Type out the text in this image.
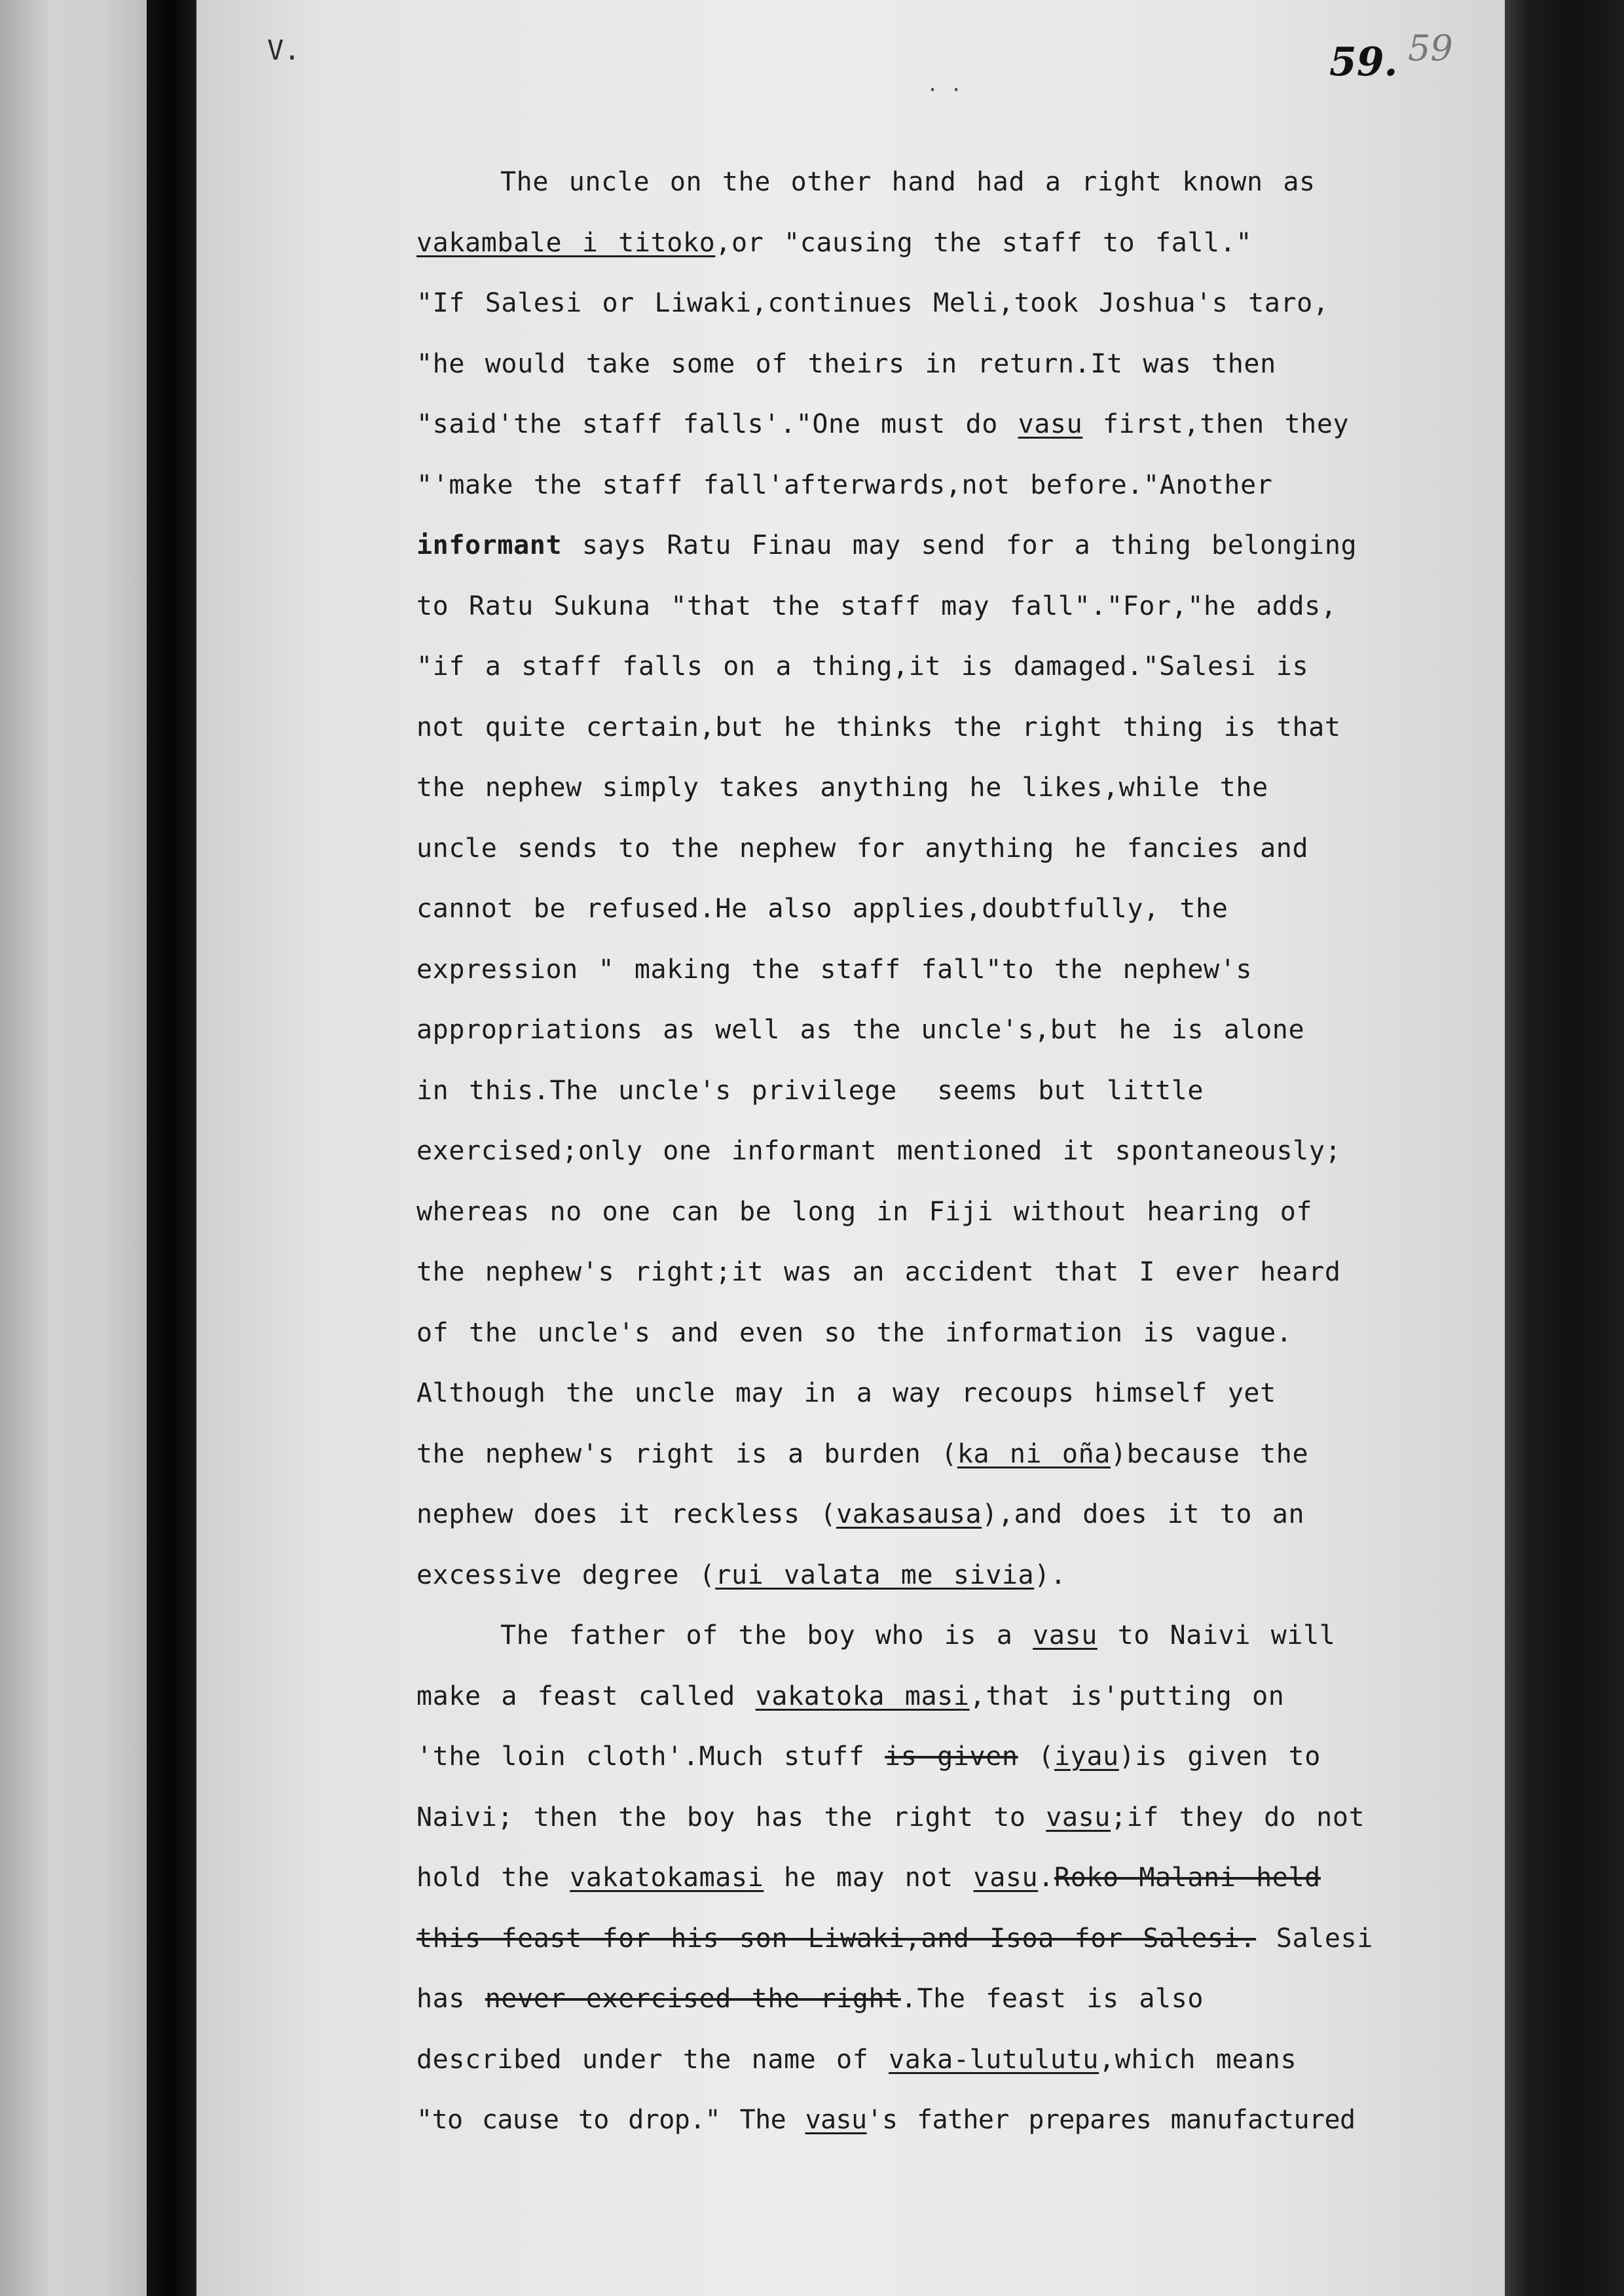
V.
. .	59. 59
The uncle on the other hand had a right known as
vakambale i titoko,or "causing the staff to fall."
"If Salesi or Liwaki,continues Meli,took Joshua's taro,
"he would take some of theirs in return.It was then
"said'the staff falls'."One must do vasu first,then they
"'make the staff fall'afterwards,not before."Another
informant says Ratu Finau may send for a thing belonging
to Ratu Sukuna "that the staff may fall"."For,"he adds,
"if a staff falls on a thing,it is damaged."Salesi is
not quite certain,but he thinks the right thing is that
the nephew simply takes anything he likes,while the
uncle sends to the nephew for anything he fancies and
cannot be refused.He also applies,doubtfully, the
expression " making the staff fall"to the nephew's
appropriations as well as the uncle's,but he is alone
in this.The uncle's privilege  seems but little
exercised;only one informant mentioned it spontaneously;
whereas no one can be long in Fiji without hearing of
the nephew's right;it was an accident that I ever heard
of the uncle's and even so the information is vague.
Although the uncle may in a way recoups himself yet
the nephew's right is a burden (ka ni oña)because the
nephew does it reckless (vakasausa),and does it to an
excessive degree (rui valata me sivia).
The father of the boy who is a vasu to Naivi will
make a feast called vakatoka masi,that is'putting on
'the loin cloth'.Much stuff is given (iyau)is given to
Naivi; then the boy has the right to vasu;if they do not
hold the vakatokamasi he may not vasu.Roko Malani held
this feast for his son Liwaki,and Isoa for Salesi. Salesi
has never exercised the right.The feast is also
described under the name of vaka-lutulutu,which means
"to cause to drop." The vasu's father prepares manufactured
